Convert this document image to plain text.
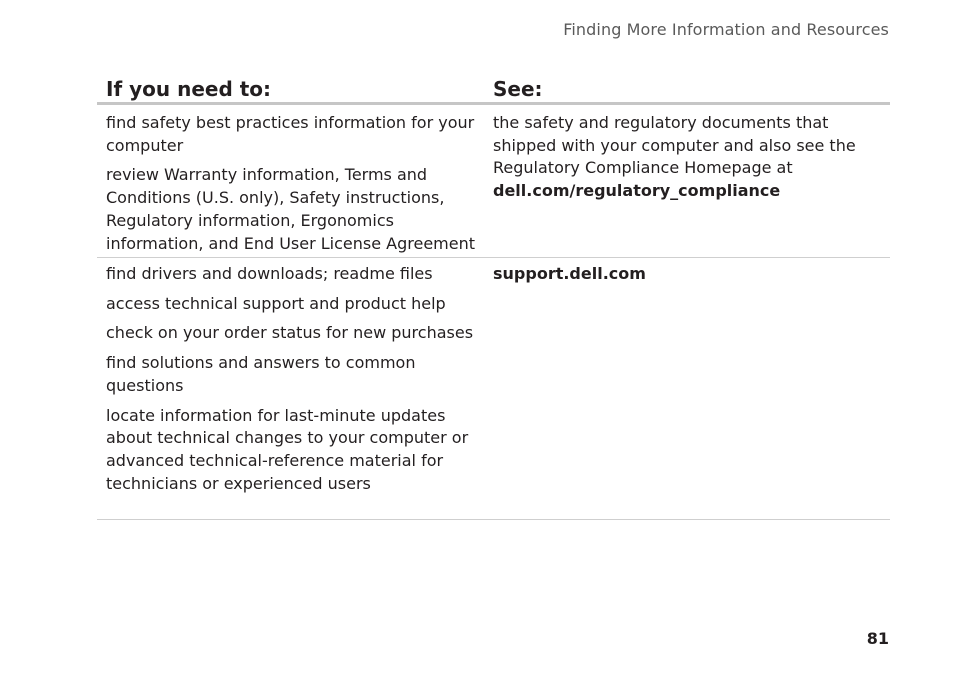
Finding More Information and Resources
If you need to:	See:
find safety best practices information for your computer
review Warranty information, Terms and Conditions (U.S. only), Safety instructions, Regulatory information, Ergonomics information, and End User License Agreement
the safety and regulatory documents that shipped with your computer and also see the Regulatory Compliance Homepage at
dell.com/regulatory_compliance
find drivers and downloads; readme files
access technical support and product help
check on your order status for new purchases
find solutions and answers to common questions
locate information for last-minute updates about technical changes to your computer or advanced technical-reference material for technicians or experienced users
support.dell.com
81
